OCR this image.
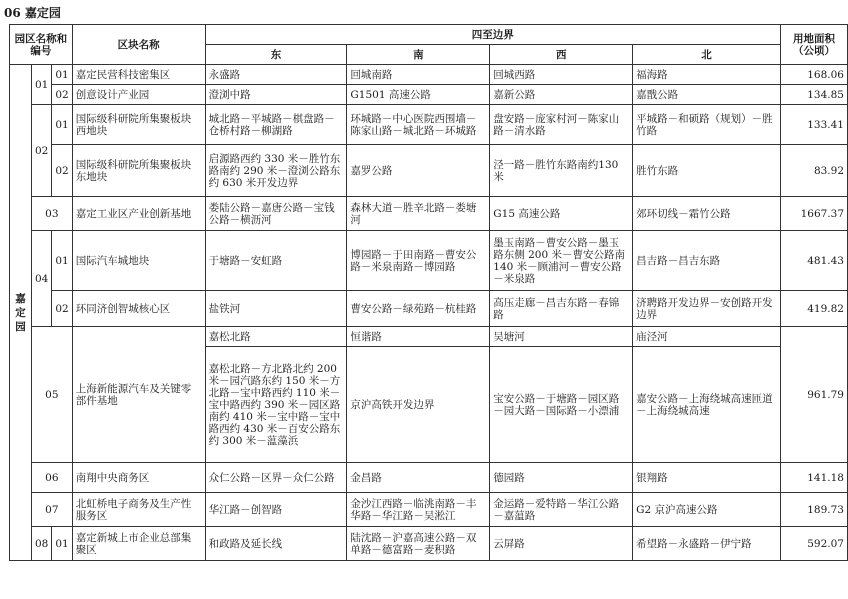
06 嘉定园
园区名称和编号			区块名称	四至边界				用地面积（公顷）
				东	南	西	北	
嘉
定
园	01	01	嘉定民营科技密集区	永盛路	回城南路	回城西路	福海路	168.06
		02	创意设计产业园	澄浏中路	G1501 高速公路	嘉新公路	嘉戬公路	134.85
	02	01	国际级科研院所集聚板块西地块	城北路－平城路－棋盘路－仓桥村路－柳湖路	环城路－中心医院西围墙－陈家山路－城北路－环城路	盘安路－庞家村河－陈家山路－清水路	平城路－和硕路（规划）－胜竹路	133.41
		02	国际级科研院所集聚板块东地块	启源路西约 330 米－胜竹东路南约 290 米－澄浏公路东约 630 米开发边界	嘉罗公路	泾一路－胜竹东路南约130 米	胜竹东路	83.92
	03		嘉定工业区产业创新基地	娄陆公路－嘉唐公路－宝钱公路－横沥河	森林大道－胜辛北路－娄塘河	G15 高速公路	郊环切线－霜竹公路	1667.37
	04	01	国际汽车城地块	于塘路－安虹路	博园路－于田南路－曹安公路－米泉南路－博园路	墨玉南路－曹安公路－墨玉路东侧 200 米－曹安公路南 140 米－顾浦河－曹安公路－米泉路	昌吉路－昌吉东路	481.43
		02	环同济创智城核心区	盐铁河	曹安公路－绿苑路－杭桂路	高压走廊－昌吉东路－春锦路	济聘路开发边界－安创路开发边界	419.82
	05		上海新能源汽车及关键零部件基地	嘉松北路	恒谐路	吴塘河	庙泾河	961.79
				嘉松北路－方北路北约 200 米－园汽路东约 150 米－方北路－宝中路西约 110 米－宝中路西约 390 米－园区路南约 410 米－宝中路－宝中路西约 430 米－百安公路东约 300 米－蕰藻浜	京沪高铁开发边界	宝安公路－于塘路－园区路－园大路－国际路－小漂浦	嘉安公路－上海绕城高速匝道－上海绕城高速	
	06		南翔中央商务区	众仁公路－区界－众仁公路	金昌路	德园路	银翔路	141.18
	07		北虹桥电子商务及生产性服务区	华江路－创智路	金沙江西路－临洮南路－丰华路－华江路－吴淞江	金运路－爱特路－华江公路－嘉蕰路	G2 京沪高速公路	189.73
	08	01	嘉定新城上市企业总部集聚区	和政路及延长线	陆沈路－沪嘉高速公路－双单路－德富路－麦积路	云屏路	希望路－永盛路－伊宁路	592.07
